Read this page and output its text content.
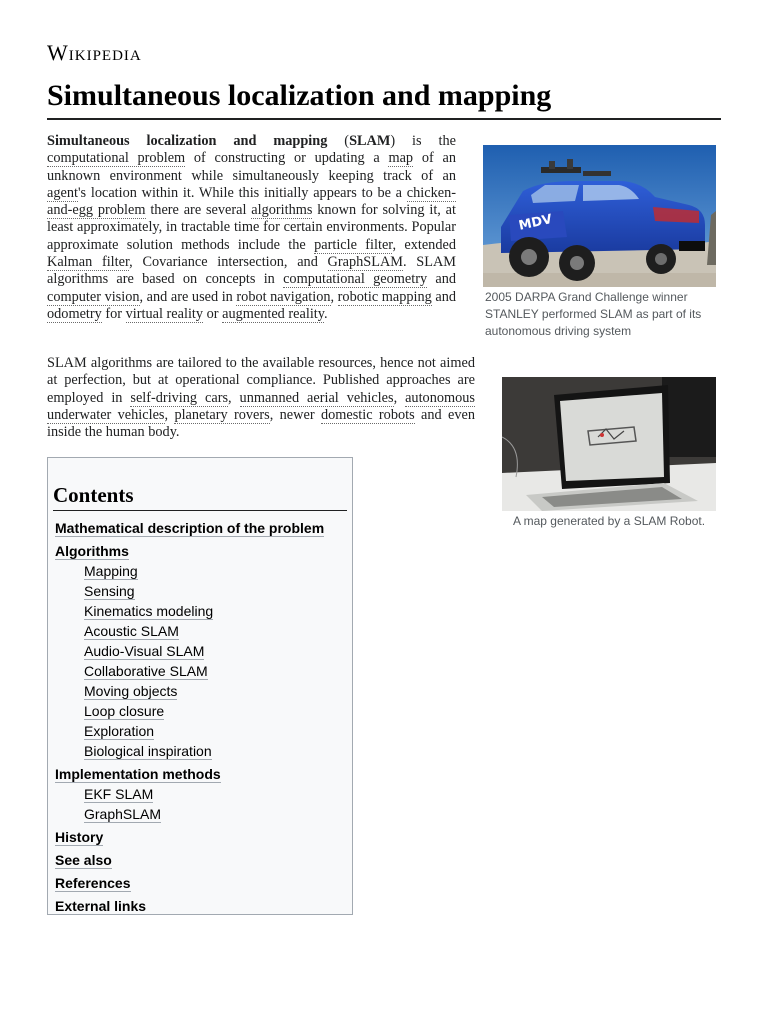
Wikipedia
Simultaneous localization and mapping

Simultaneous localization and mapping (SLAM) is the computational problem of constructing or updating a map of an unknown environment while simultaneously keeping track of an agent's location within it. While this initially appears to be a chicken-and-egg problem there are several algorithms known for solving it, at least approximately, in tractable time for certain environments. Popular approximate solution methods include the particle filter, extended Kalman filter, Covariance intersection, and GraphSLAM. SLAM algorithms are based on concepts in computational geometry and computer vision, and are used in robot navigation, robotic mapping and odometry for virtual reality or augmented reality.

SLAM algorithms are tailored to the available resources, hence not aimed at perfection, but at operational compliance. Published approaches are employed in self-driving cars, unmanned aerial vehicles, autonomous underwater vehicles, planetary rovers, newer domestic robots and even inside the human body.

MDV
2005 DARPA Grand Challenge winner STANLEY performed SLAM as part of its autonomous driving system
A map generated by a SLAM Robot.
Contents
Mathematical description of the problem
Algorithms
Mapping
Sensing
Kinematics modeling
Acoustic SLAM
Audio-Visual SLAM
Collaborative SLAM
Moving objects
Loop closure
Exploration
Biological inspiration
Implementation methods
EKF SLAM
GraphSLAM
History
See also
References
External links
